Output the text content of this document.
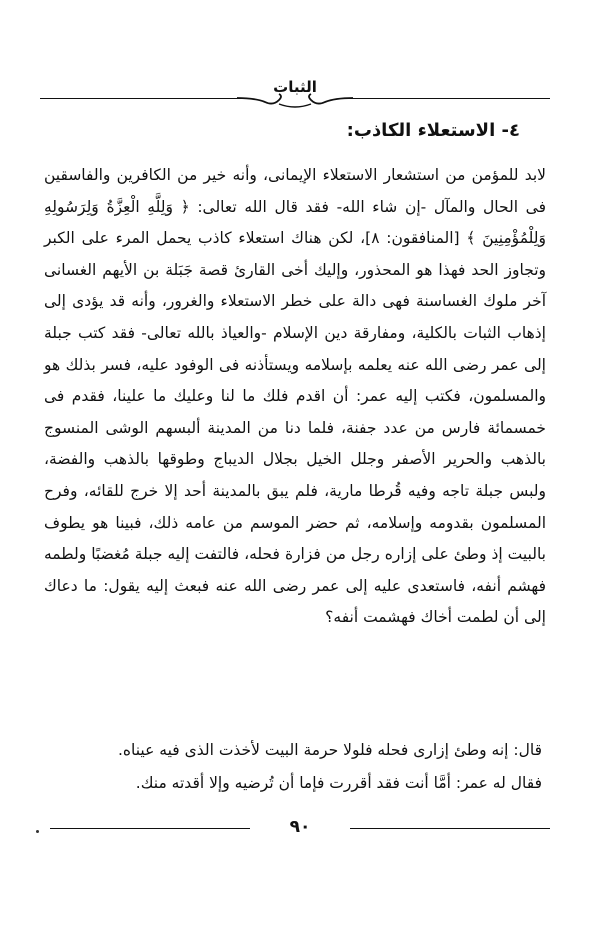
الثبات
٤- الاستعلاء الكاذب:

لابد للمؤمن من استشعار الاستعلاء الإيمانى، وأنه خير من الكافرين والفاسقين فى الحال والمآل -إن شاء الله- فقد قال الله تعالى: ﴿ وَلِلَّهِ الْعِزَّةُ وَلِرَسُولِهِ وَلِلْمُؤْمِنِينَ ﴾ [المنافقون: ٨]، لكن هناك استعلاء كاذب يحمل المرء على الكبر وتجاوز الحد فهذا هو المحذور، وإليك أخى القارئ قصة جَبَلة بن الأيهم الغسانى آخر ملوك الغساسنة فهى دالة على خطر الاستعلاء والغرور، وأنه قد يؤدى إلى إذهاب الثبات بالكلية، ومفارقة دين الإسلام -والعياذ بالله تعالى- فقد كتب جبلة إلى عمر رضى الله عنه يعلمه بإسلامه ويستأذنه فى الوفود عليه، فسر بذلك هو والمسلمون، فكتب إليه عمر: أن اقدم فلك ما لنا وعليك ما علينا، فقدم فى خمسمائة فارس من عدد جفنة، فلما دنا من المدينة ألبسهم الوشى المنسوج بالذهب والحرير الأصفر وجلل الخيل بجلال الديباج وطوقها بالذهب والفضة، ولبس جبلة تاجه وفيه قُرطا مارية، فلم يبق بالمدينة أحد إلا خرج للقائه، وفرح المسلمون بقدومه وإسلامه، ثم حضر الموسم من عامه ذلك، فبينا هو يطوف بالبيت إذ وطئ على إزاره رجل من فزارة فحله، فالتفت إليه جبلة مُغضبًا ولطمه فهشم أنفه، فاستعدى عليه إلى عمر رضى الله عنه فبعث إليه يقول: ما دعاك إلى أن لطمت أخاك فهشمت أنفه؟

قال: إنه وطئ إزارى فحله فلولا حرمة البيت لأخذت الذى فيه عيناه.

فقال له عمر: أمَّا أنت فقد أقررت فإما أن تُرضيه وإلا أقدته منك.

٩٠
